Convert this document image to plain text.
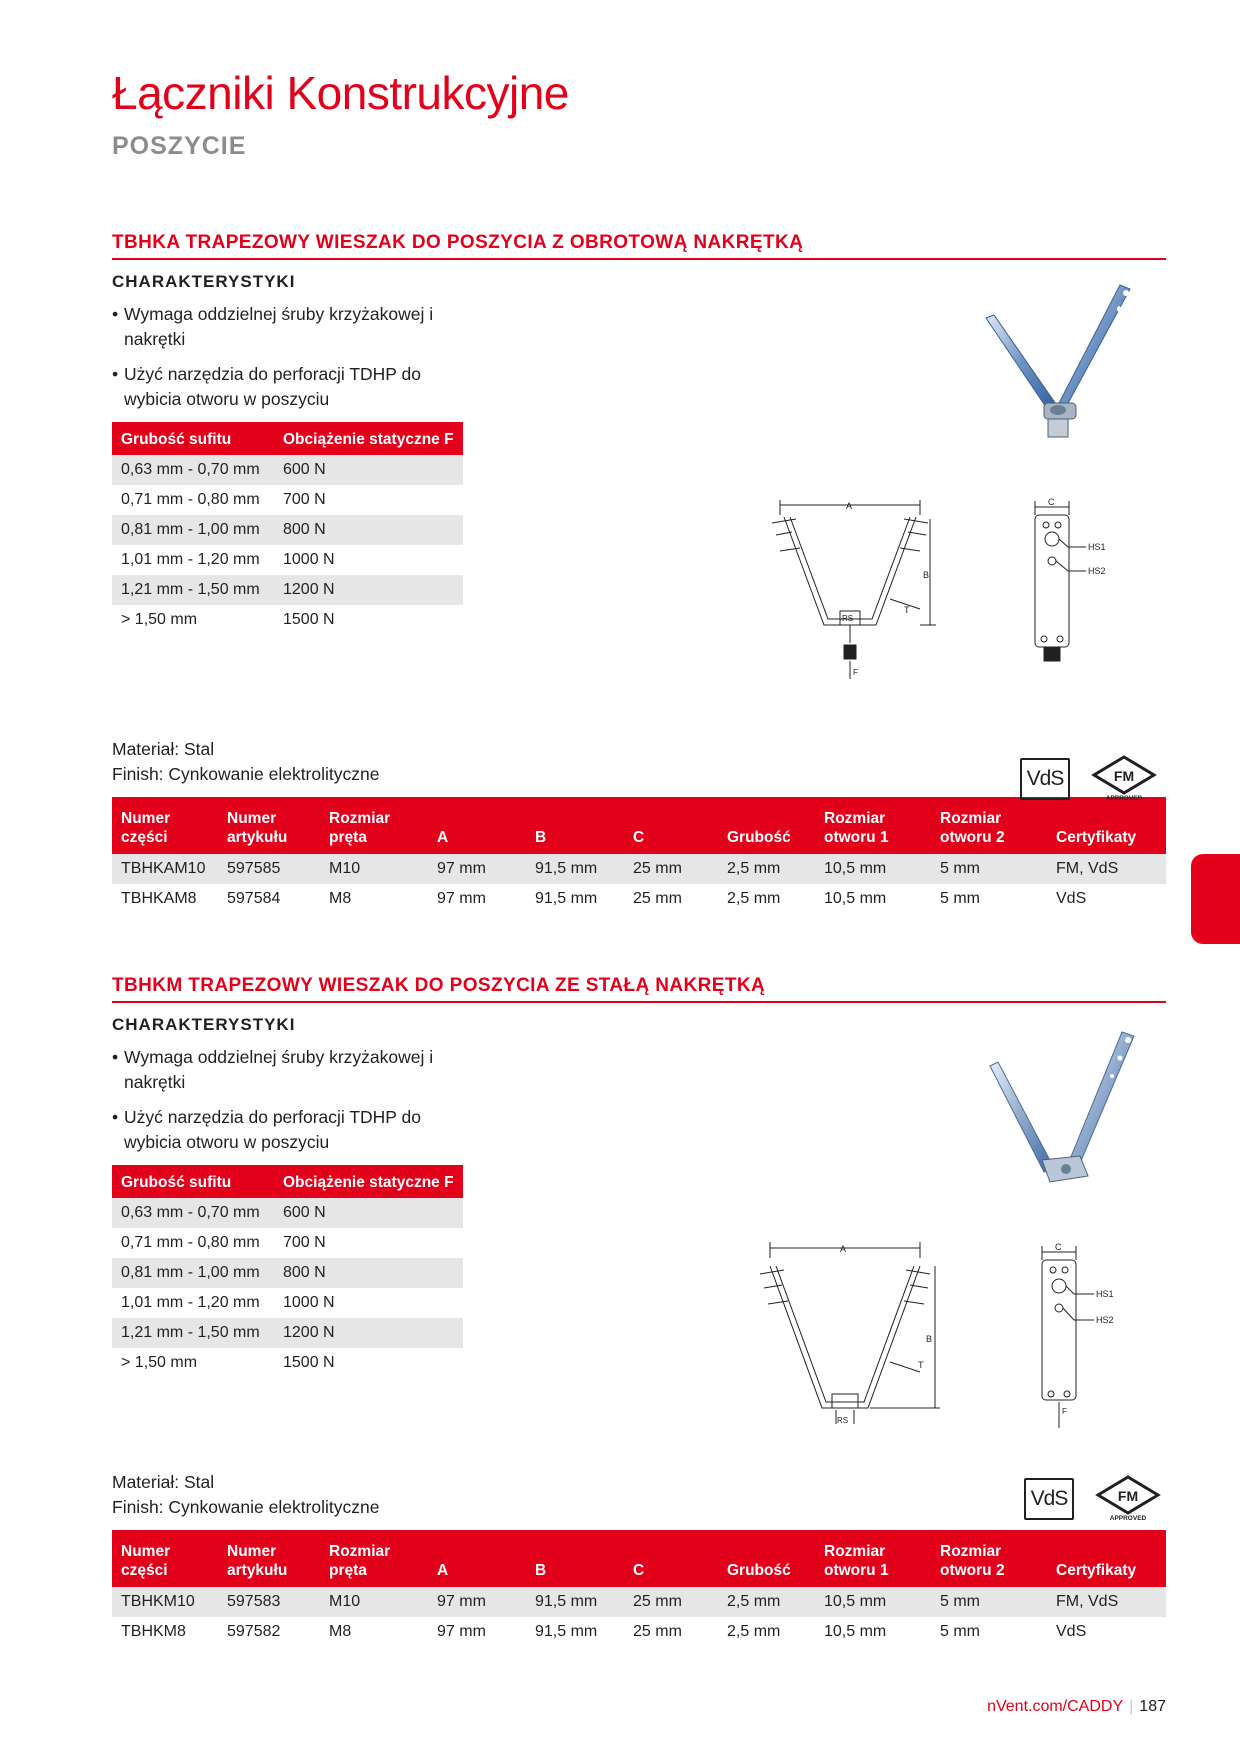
Łączniki Konstrukcyjne
POSZYCIE
TBHKA TRAPEZOWY WIESZAK DO POSZYCIA Z OBROTOWĄ NAKRĘTKĄ
CHARAKTERYSTYKI
• Wymaga oddzielnej śruby krzyżakowej i nakrętki
• Użyć narzędzia do perforacji TDHP do wybicia otworu w poszyciu
Grubość sufitu	Obciążenie statyczne F
0,63 mm - 0,70 mm	600 N
0,71 mm - 0,80 mm	700 N
0,81 mm - 1,00 mm	800 N
1,01 mm - 1,20 mm	1000 N
1,21 mm - 1,50 mm	1200 N
> 1,50 mm	1500 N
Materiał: Stal
Finish: Cynkowanie elektrolityczne
Numer części	Numer artykułu	Rozmiar pręta	A	B	C	Grubość	Rozmiar otworu 1	Rozmiar otworu 2	Certyfikaty
TBHKAM10	597585	M10	97 mm	91,5 mm	25 mm	2,5 mm	10,5 mm	5 mm	FM, VdS
TBHKAM8	597584	M8	97 mm	91,5 mm	25 mm	2,5 mm	10,5 mm	5 mm	VdS
A
B
T
RS
F
C
HS1
HS2
VdS	FM
APPROVED
TBHKM TRAPEZOWY WIESZAK DO POSZYCIA ZE STAŁĄ NAKRĘTKĄ
CHARAKTERYSTYKI
• Wymaga oddzielnej śruby krzyżakowej i nakrętki
• Użyć narzędzia do perforacji TDHP do wybicia otworu w poszyciu
Grubość sufitu	Obciążenie statyczne F
0,63 mm - 0,70 mm	600 N
0,71 mm - 0,80 mm	700 N
0,81 mm - 1,00 mm	800 N
1,01 mm - 1,20 mm	1000 N
1,21 mm - 1,50 mm	1200 N
> 1,50 mm	1500 N
Materiał: Stal
Finish: Cynkowanie elektrolityczne
Numer części	Numer artykułu	Rozmiar pręta	A	B	C	Grubość	Rozmiar otworu 1	Rozmiar otworu 2	Certyfikaty
TBHKM10	597583	M10	97 mm	91,5 mm	25 mm	2,5 mm	10,5 mm	5 mm	FM, VdS
TBHKM8	597582	M8	97 mm	91,5 mm	25 mm	2,5 mm	10,5 mm	5 mm	VdS
A
B
T
RS
C
HS1
HS2
F
VdS	FM
APPROVED
nVent.com/CADDY | 187
